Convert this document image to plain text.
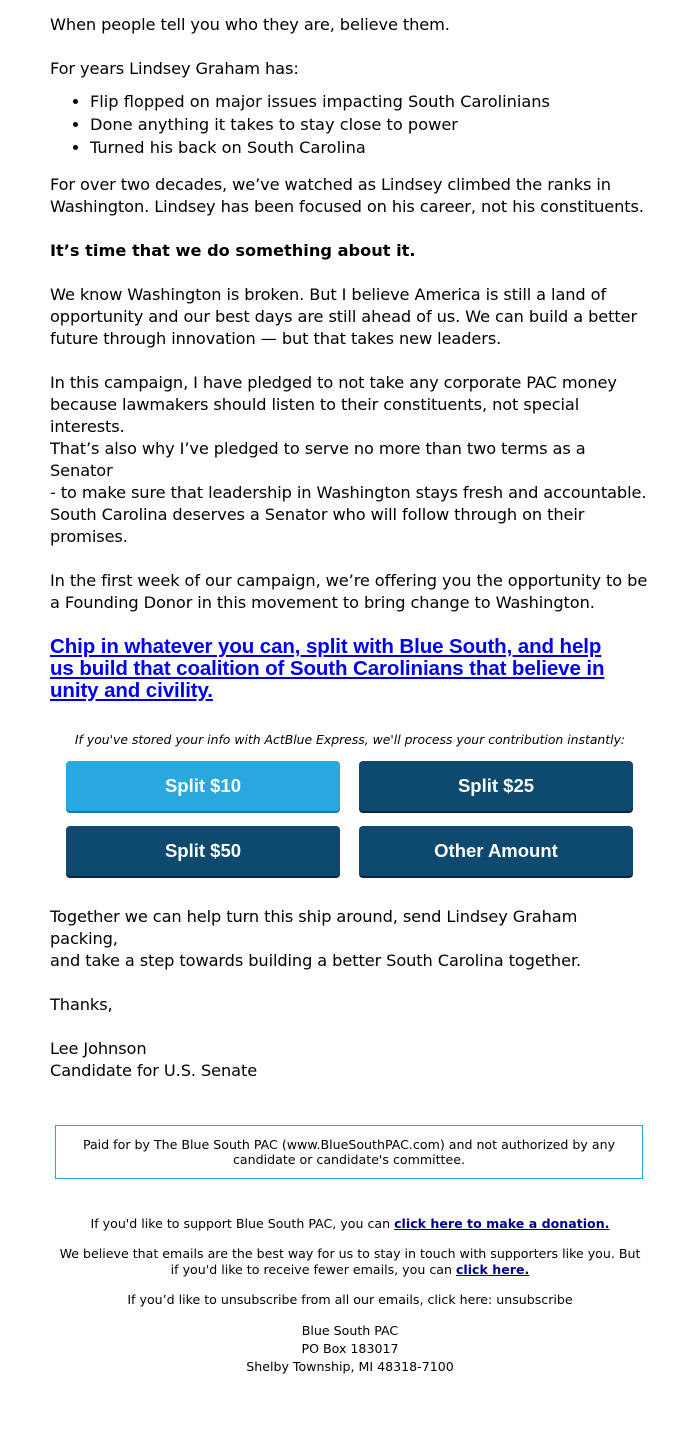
When people tell you who they are, believe them.

For years Lindsey Graham has:

• Flip flopped on major issues impacting South Carolinians
• Done anything it takes to stay close to power
• Turned his back on South Carolina

For over two decades, we’ve watched as Lindsey climbed the ranks in
Washington. Lindsey has been focused on his career, not his constituents.

It’s time that we do something about it.

We know Washington is broken. But I believe America is still a land of
opportunity and our best days are still ahead of us. We can build a better
future through innovation — but that takes new leaders.

In this campaign, I have pledged to not take any corporate PAC money
because lawmakers should listen to their constituents, not special interests.
That’s also why I’ve pledged to serve no more than two terms as a Senator
- to make sure that leadership in Washington stays fresh and accountable.
South Carolina deserves a Senator who will follow through on their
promises.

In the first week of our campaign, we’re offering you the opportunity to be
a Founding Donor in this movement to bring change to Washington.

Chip in whatever you can, split with Blue South, and help
us build that coalition of South Carolinians that believe in
unity and civility.

If you've stored your info with ActBlue Express, we'll process your contribution instantly:

Split $10	Split $25
Split $50	Other Amount

Together we can help turn this ship around, send Lindsey Graham packing,
and take a step towards building a better South Carolina together.

Thanks,

Lee Johnson
Candidate for U.S. Senate

Paid for by The Blue South PAC (www.BlueSouthPAC.com) and not authorized by any
candidate or candidate's committee.

If you'd like to support Blue South PAC, you can click here to make a donation.

We believe that emails are the best way for us to stay in touch with supporters like you. But
if you'd like to receive fewer emails, you can click here.

If you’d like to unsubscribe from all our emails, click here: unsubscribe

Blue South PAC

PO Box 183017

Shelby Township, MI 48318-7100
